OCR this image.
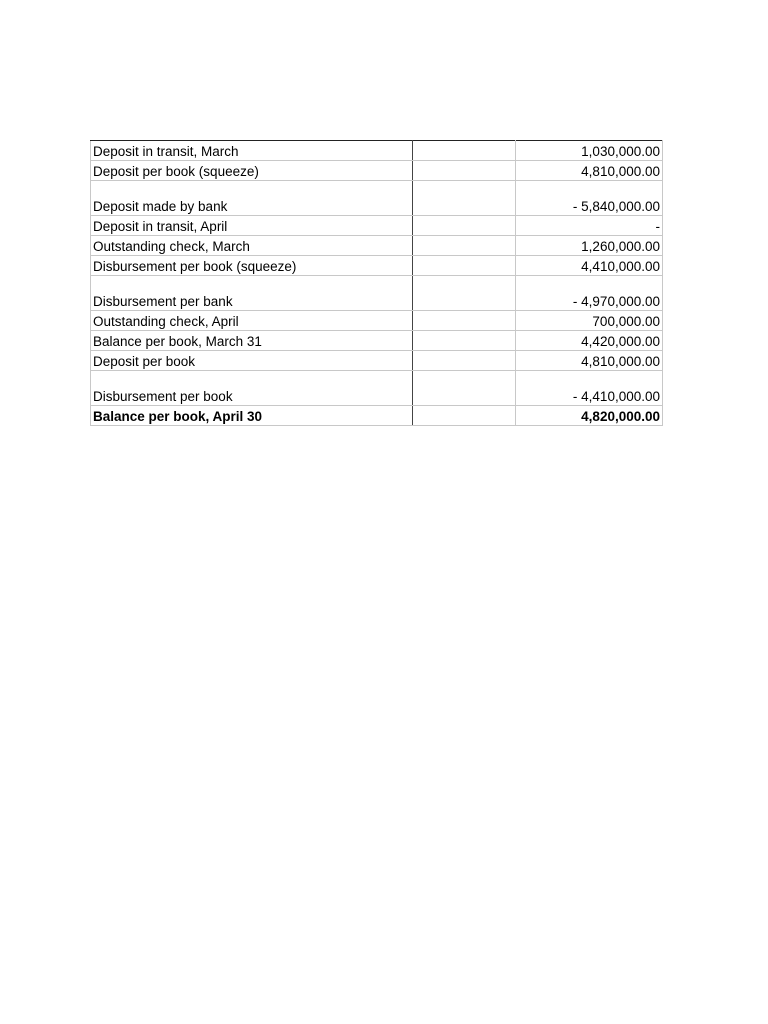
Deposit in transit, March		1,030,000.00
Deposit per book (squeeze)		4,810,000.00
Deposit made by bank		- 5,840,000.00
Deposit in transit, April		-
Outstanding check, March		1,260,000.00
Disbursement per book (squeeze)		4,410,000.00
Disbursement per bank		- 4,970,000.00
Outstanding check, April		700,000.00
Balance per book, March 31		4,420,000.00
Deposit per book		4,810,000.00
Disbursement per book		- 4,410,000.00
Balance per book, April 30		4,820,000.00
